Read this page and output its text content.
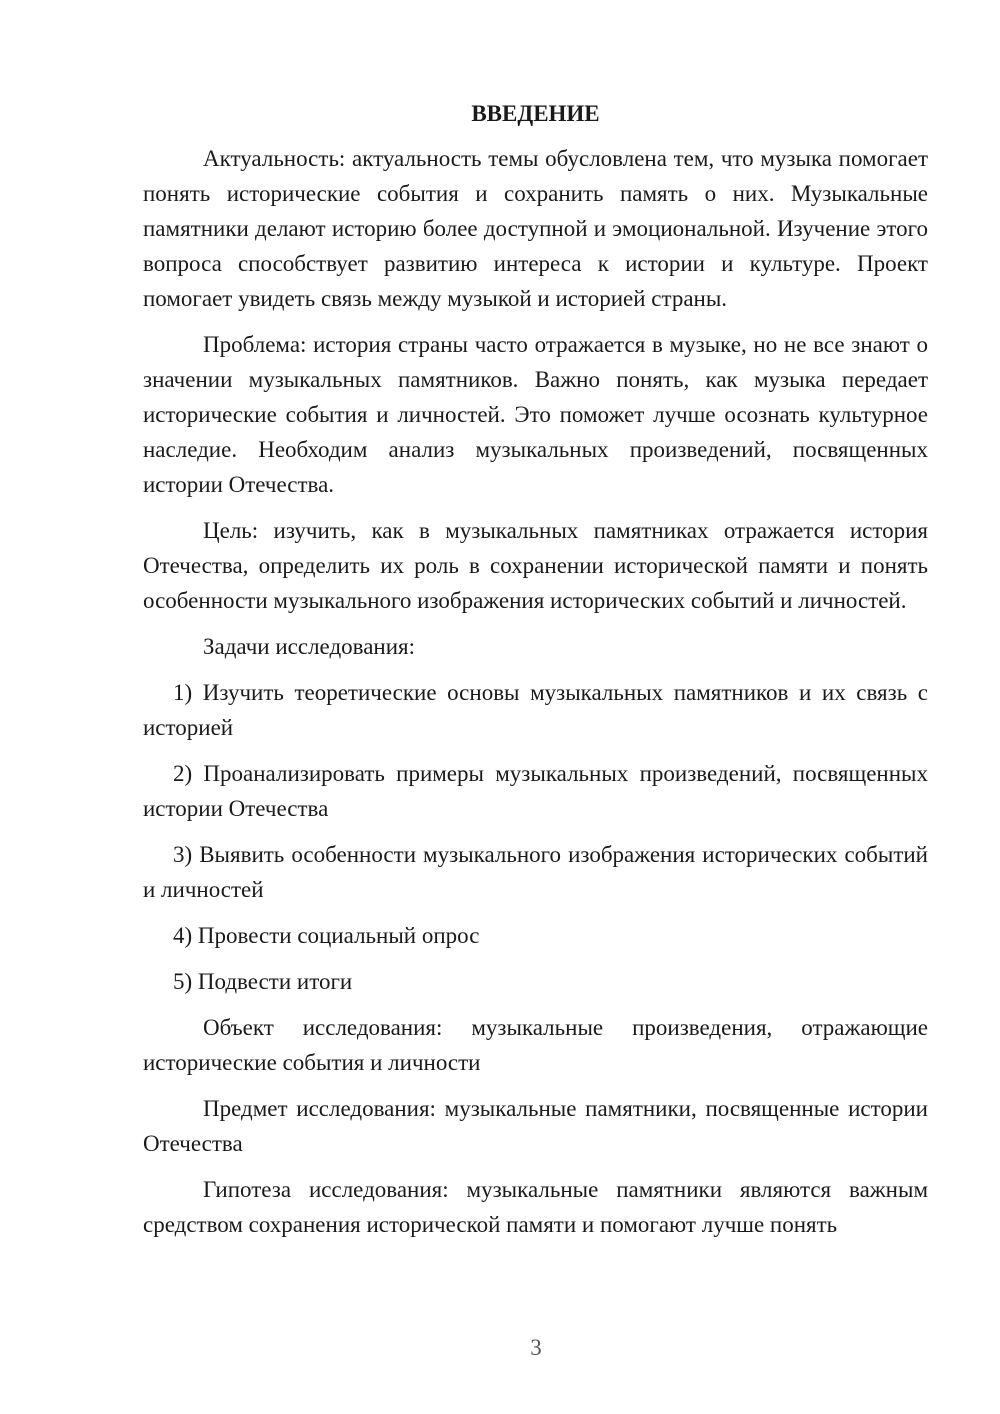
ВВЕДЕНИЕ

Актуальность: актуальность темы обусловлена тем, что музыка помогает понять исторические события и сохранить память о них. Музыкальные памятники делают историю более доступной и эмоциональной. Изучение этого вопроса способствует развитию интереса к истории и культуре. Проект помогает увидеть связь между музыкой и историей страны.

Проблема: история страны часто отражается в музыке, но не все знают о значении музыкальных памятников. Важно понять, как музыка передает исторические события и личностей. Это поможет лучше осознать культурное наследие. Необходим анализ музыкальных произведений, посвященных истории Отечества.

Цель: изучить, как в музыкальных памятниках отражается история Отечества, определить их роль в сохранении исторической памяти и понять особенности музыкального изображения исторических событий и личностей.

Задачи исследования:

1) Изучить теоретические основы музыкальных памятников и их связь с историей

2) Проанализировать примеры музыкальных произведений, посвященных истории Отечества

3) Выявить особенности музыкального изображения исторических событий и личностей

4) Провести социальный опрос

5) Подвести итоги

Объект исследования: музыкальные произведения, отражающие исторические события и личности

Предмет исследования: музыкальные памятники, посвященные истории Отечества

Гипотеза исследования: музыкальные памятники являются важным средством сохранения исторической памяти и помогают лучше понять

3
